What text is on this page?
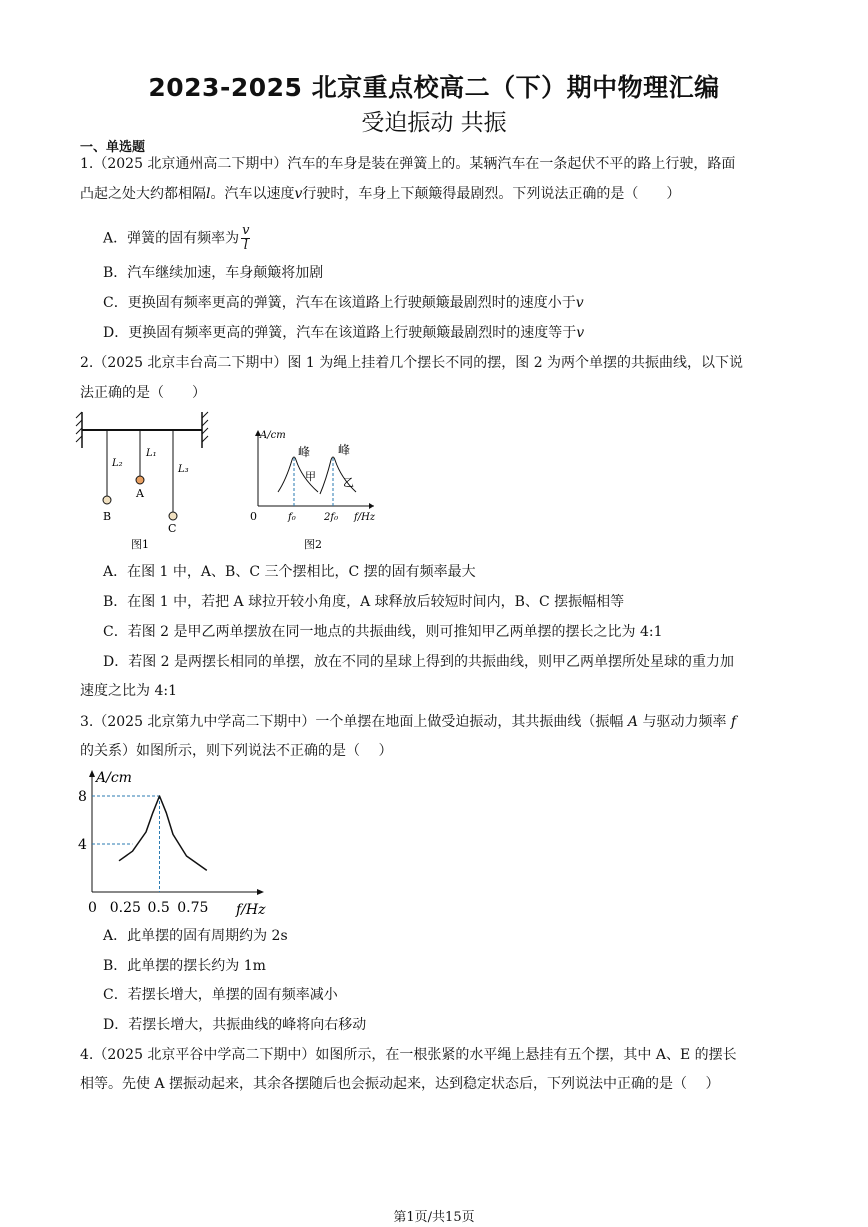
2023-2025 北京重点校高二（下）期中物理汇编
受迫振动 共振
一、单选题
1.（2025 北京通州高二下期中）汽车的车身是装在弹簧上的。某辆汽车在一条起伏不平的路上行驶，路面
凸起之处大约都相隔l。汽车以速度v行驶时，车身上下颠簸得最剧烈。下列说法正确的是（　　）
A．弹簧的固有频率为 $\frac{v}{l}$
B．汽车继续加速，车身颠簸将加剧
C．更换固有频率更高的弹簧，汽车在该道路上行驶颠簸最剧烈时的速度小于v
D．更换固有频率更高的弹簧，汽车在该道路上行驶颠簸最剧烈时的速度等于v
2.（2025 北京丰台高二下期中）图 1 为绳上挂着几个摆长不同的摆，图 2 为两个单摆的共振曲线，以下说
法正确的是（　　）
L₂
L₁
L₃
A
B
C
图1
A/cm
峰 峰
甲 乙
0	f₀	2f₀ f/Hz
图2
A．在图 1 中，A、B、C 三个摆相比，C 摆的固有频率最大
B．在图 1 中，若把 A 球拉开较小角度，A 球释放后较短时间内，B、C 摆振幅相等
C．若图 2 是甲乙两单摆放在同一地点的共振曲线，则可推知甲乙两单摆的摆长之比为 4:1
D．若图 2 是两摆长相同的单摆，放在不同的星球上得到的共振曲线，则甲乙两单摆所处星球的重力加
速度之比为 4:1
3.（2025 北京第九中学高二下期中）一个单摆在地面上做受迫振动，其共振曲线（振幅 A 与驱动力频率 f
的关系）如图所示，则下列说法不正确的是（　 ）
A/cm
f/Hz
4
8
0 0.25 0.5 0.75
A．此单摆的固有周期约为 2s
B．此单摆的摆长约为 1m
C．若摆长增大，单摆的固有频率减小
D．若摆长增大，共振曲线的峰将向右移动
4.（2025 北京平谷中学高二下期中）如图所示，在一根张紧的水平绳上悬挂有五个摆，其中 A、E 的摆长
相等。先使 A 摆振动起来，其余各摆随后也会振动起来，达到稳定状态后，下列说法中正确的是（　 ）
第1页/共15页
